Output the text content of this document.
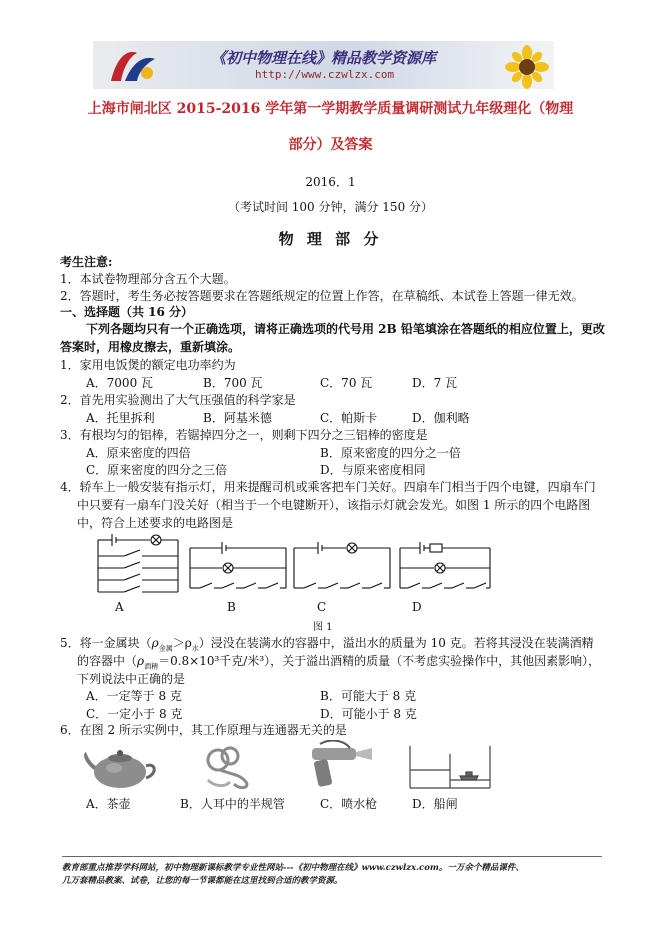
《初中物理在线》精品教学资源库
http://www.czwlzx.com
上海市闸北区 2015-2016 学年第一学期教学质量调研测试九年级理化（物理
部分）及答案
2016．1
（考试时间 100 分钟，满分 150 分）
物 理 部 分
考生注意:
1．本试卷物理部分含五个大题。
2．答题时，考生务必按答题要求在答题纸规定的位置上作答，在草稿纸、本试卷上答题一律无效。
一、选择题（共 16 分）
下列各题均只有一个正确选项，请将正确选项的代号用 2B 铅笔填涂在答题纸的相应位置上，更改
答案时，用橡皮擦去，重新填涂。
1．家用电饭煲的额定电功率约为
A．7000 瓦	B．700 瓦	C．70 瓦	D．7 瓦
2．首先用实验测出了大气压强值的科学家是
A．托里拆利	B．阿基米德	C．帕斯卡	D．伽利略
3．有根均匀的铝棒，若锯掉四分之一，则剩下四分之三铝棒的密度是
A．原来密度的四倍	B．原来密度的四分之一倍
C．原来密度的四分之三倍	D．与原来密度相同
4．轿车上一般安装有指示灯，用来提醒司机或乘客把车门关好。四扇车门相当于四个电键，四扇车门
中只要有一扇车门没关好（相当于一个电键断开），该指示灯就会发光。如图 1 所示的四个电路图
中，符合上述要求的电路图是
A	B	C	D
图 1
5．将一金属块$(\rho_{金属}>\rho_水)$浸没在装满水的容器中，溢出水的质量为 10 克。若将其浸没在装满酒精
的容器中（$\rho_{酒精}=0.8\times 10^3$千克/米³），关于溢出酒精的质量（不考虑实验操作中，其他因素影响），
下列说法中正确的是
A．一定等于 8 克	B．可能大于 8 克
C．一定小于 8 克	D．可能小于 8 克
6．在图 2 所示实例中，其工作原理与连通器无关的是
A．茶壶	B．人耳中的半规管	C．喷水枪	D．船闸
教育部重点推荐学科网站，初中物理新课标教学专业性网站---《初中物理在线》www.czwlzx.com。一万余个精品课件、
几万套精品教案、试卷，让您的每一节课都能在这里找到合适的教学资源。
